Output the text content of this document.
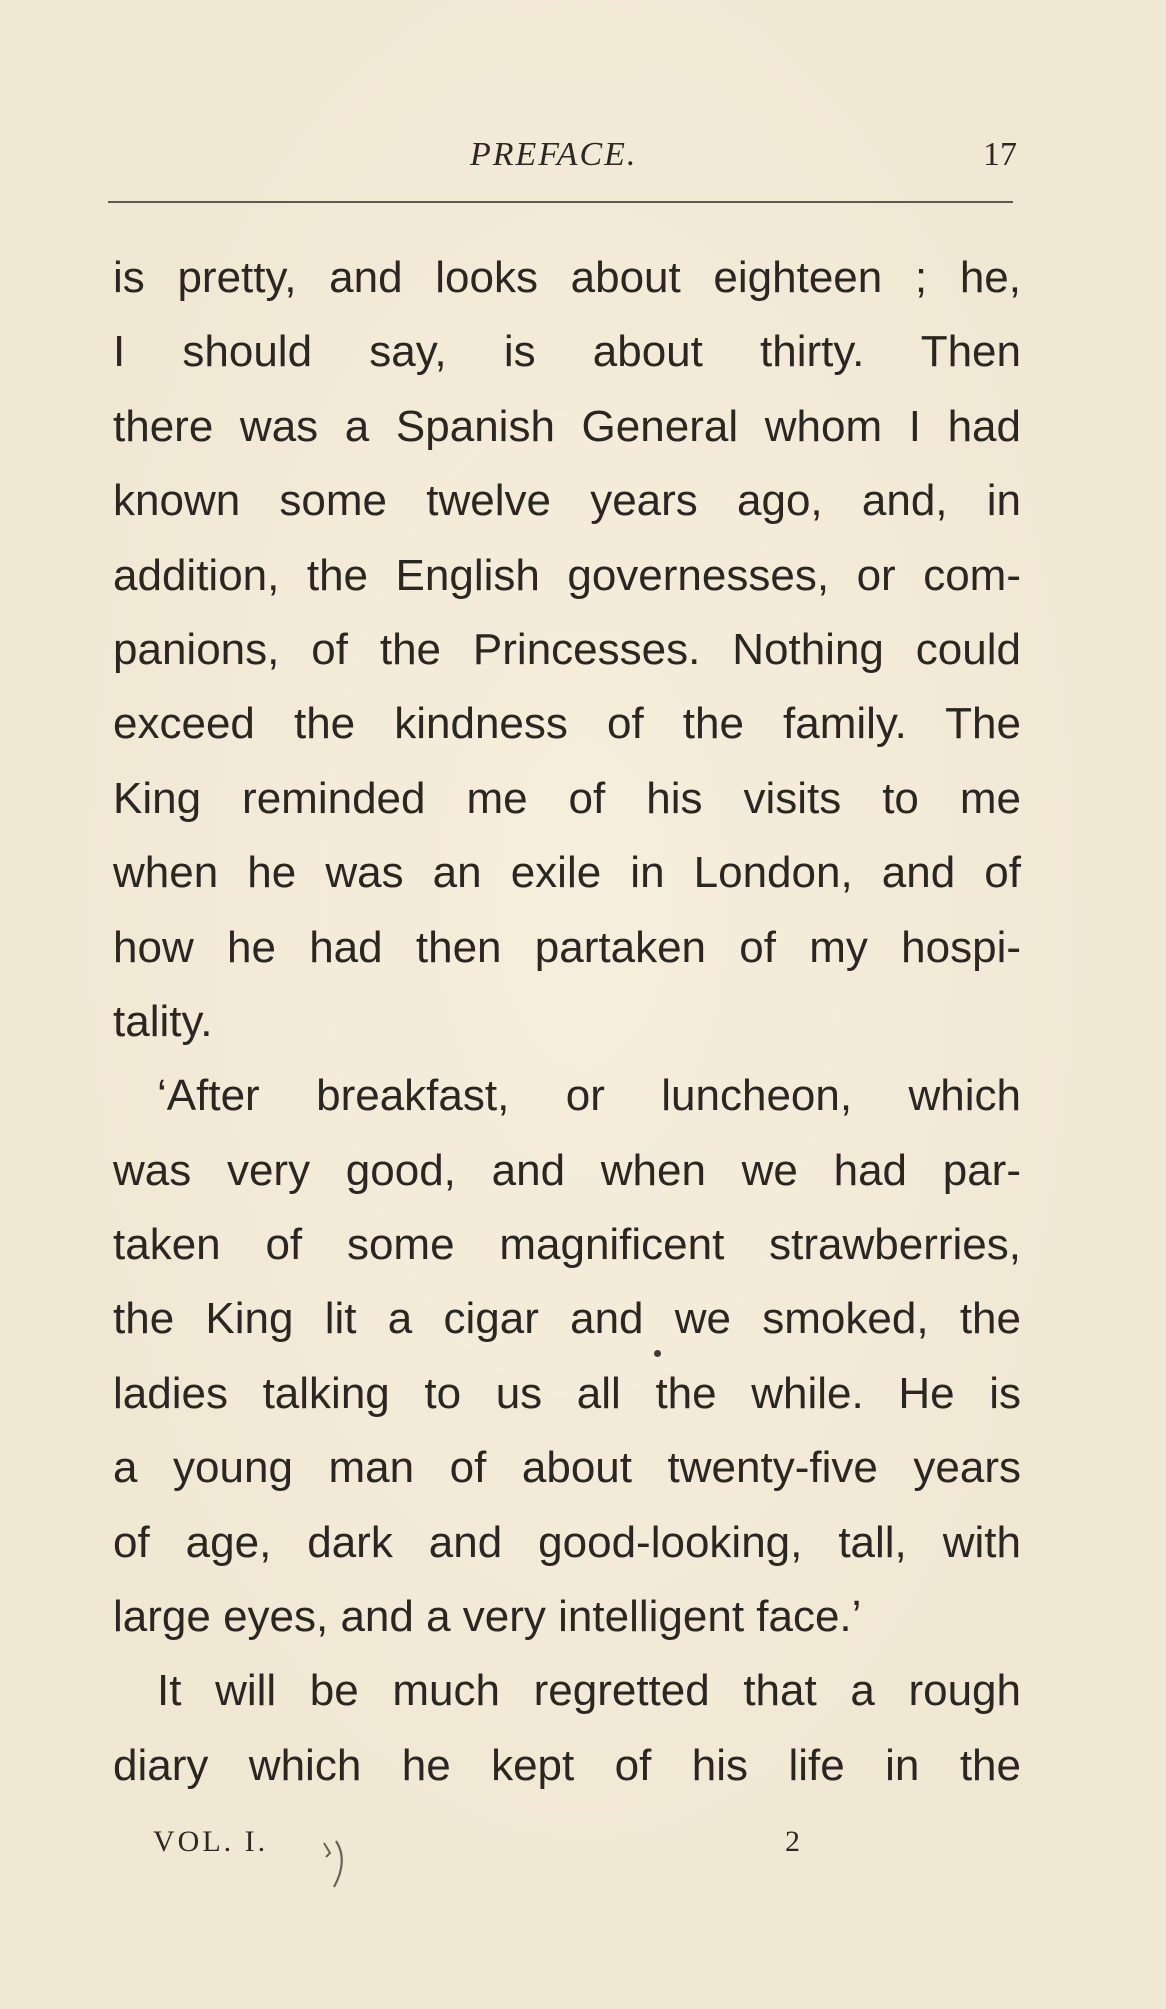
PREFACE.	17
is pretty, and looks about eighteen ; he,
I should say, is about thirty. Then
there was a Spanish General whom I had
known some twelve years ago, and, in
addition, the English governesses, or com-
panions, of the Princesses. Nothing could
exceed the kindness of the family. The
King reminded me of his visits to me
when he was an exile in London, and of
how he had then partaken of my hospi-
tality.
‘After breakfast, or luncheon, which
was very good, and when we had par-
taken of some magnificent strawberries,
the King lit a cigar and we smoked, the
ladies talking to us all the while. He is
a young man of about twenty-five years
of age, dark and good-looking, tall, with
large eyes, and a very intelligent face.’
It will be much regretted that a rough
diary which he kept of his life in the
VOL. I.	2
